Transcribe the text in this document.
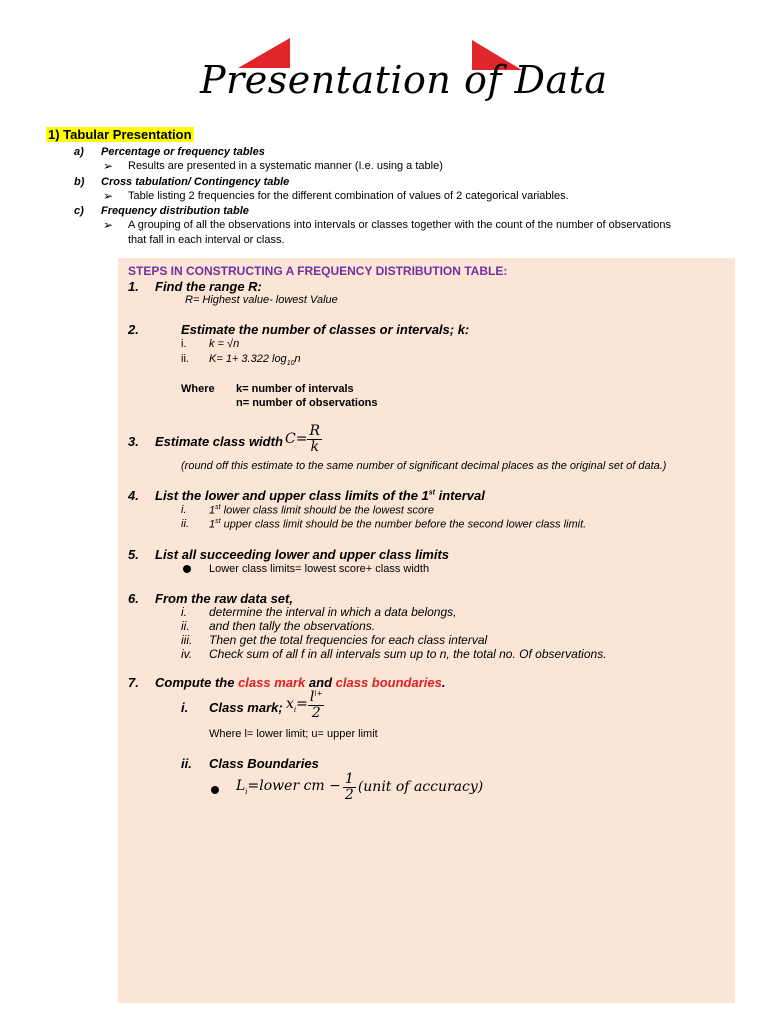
Presentation of Data
1) Tabular Presentation
a) Percentage or frequency tables
➢ Results are presented in a systematic manner (I.e. using a table)
b) Cross tabulation/ Contingency table
➢ Table listing 2 frequencies for the different combination of values of 2 categorical variables.
c) Frequency distribution table
➢ A grouping of all the observations into intervals or classes together with the count of the number of observations
that fall in each interval or class.
STEPS IN CONSTRUCTING A FREQUENCY DISTRIBUTION TABLE:
1. Find the range R:
R= Highest value- lowest Value
2.	Estimate the number of classes or intervals; k:
i. k = √n
ii. K= 1+ 3.322 $\log_{10}n$
Where k= number of intervals
n= number of observations
3. Estimate class width $C= \frac{R}{k}$
(round off this estimate to the same number of significant decimal places as the original set of data.)
4. List the lower and upper class limits of the 1st interval
i. 1st lower class limit should be the lowest score
ii. 1st upper class limit should be the number before the second lower class limit.
5. List all succeeding lower and upper class limits
Lower class limits= lowest score+ class width
6. From the raw data set,
i. determine the interval in which a data belongs,
ii. and then tally the observations.
iii. Then get the total frequencies for each class interval
iv. Check sum of all f in all intervals sum up to n, the total no. Of observations.
7. Compute the class mark and class boundaries.
i. Class mark; $x_i= \frac{l^{i+}}{2}$
Where l= lower limit; u= upper limit
ii. Class Boundaries
$L_i=lower$ cm − $\frac{1}{2}$ (unit of accuracy)
